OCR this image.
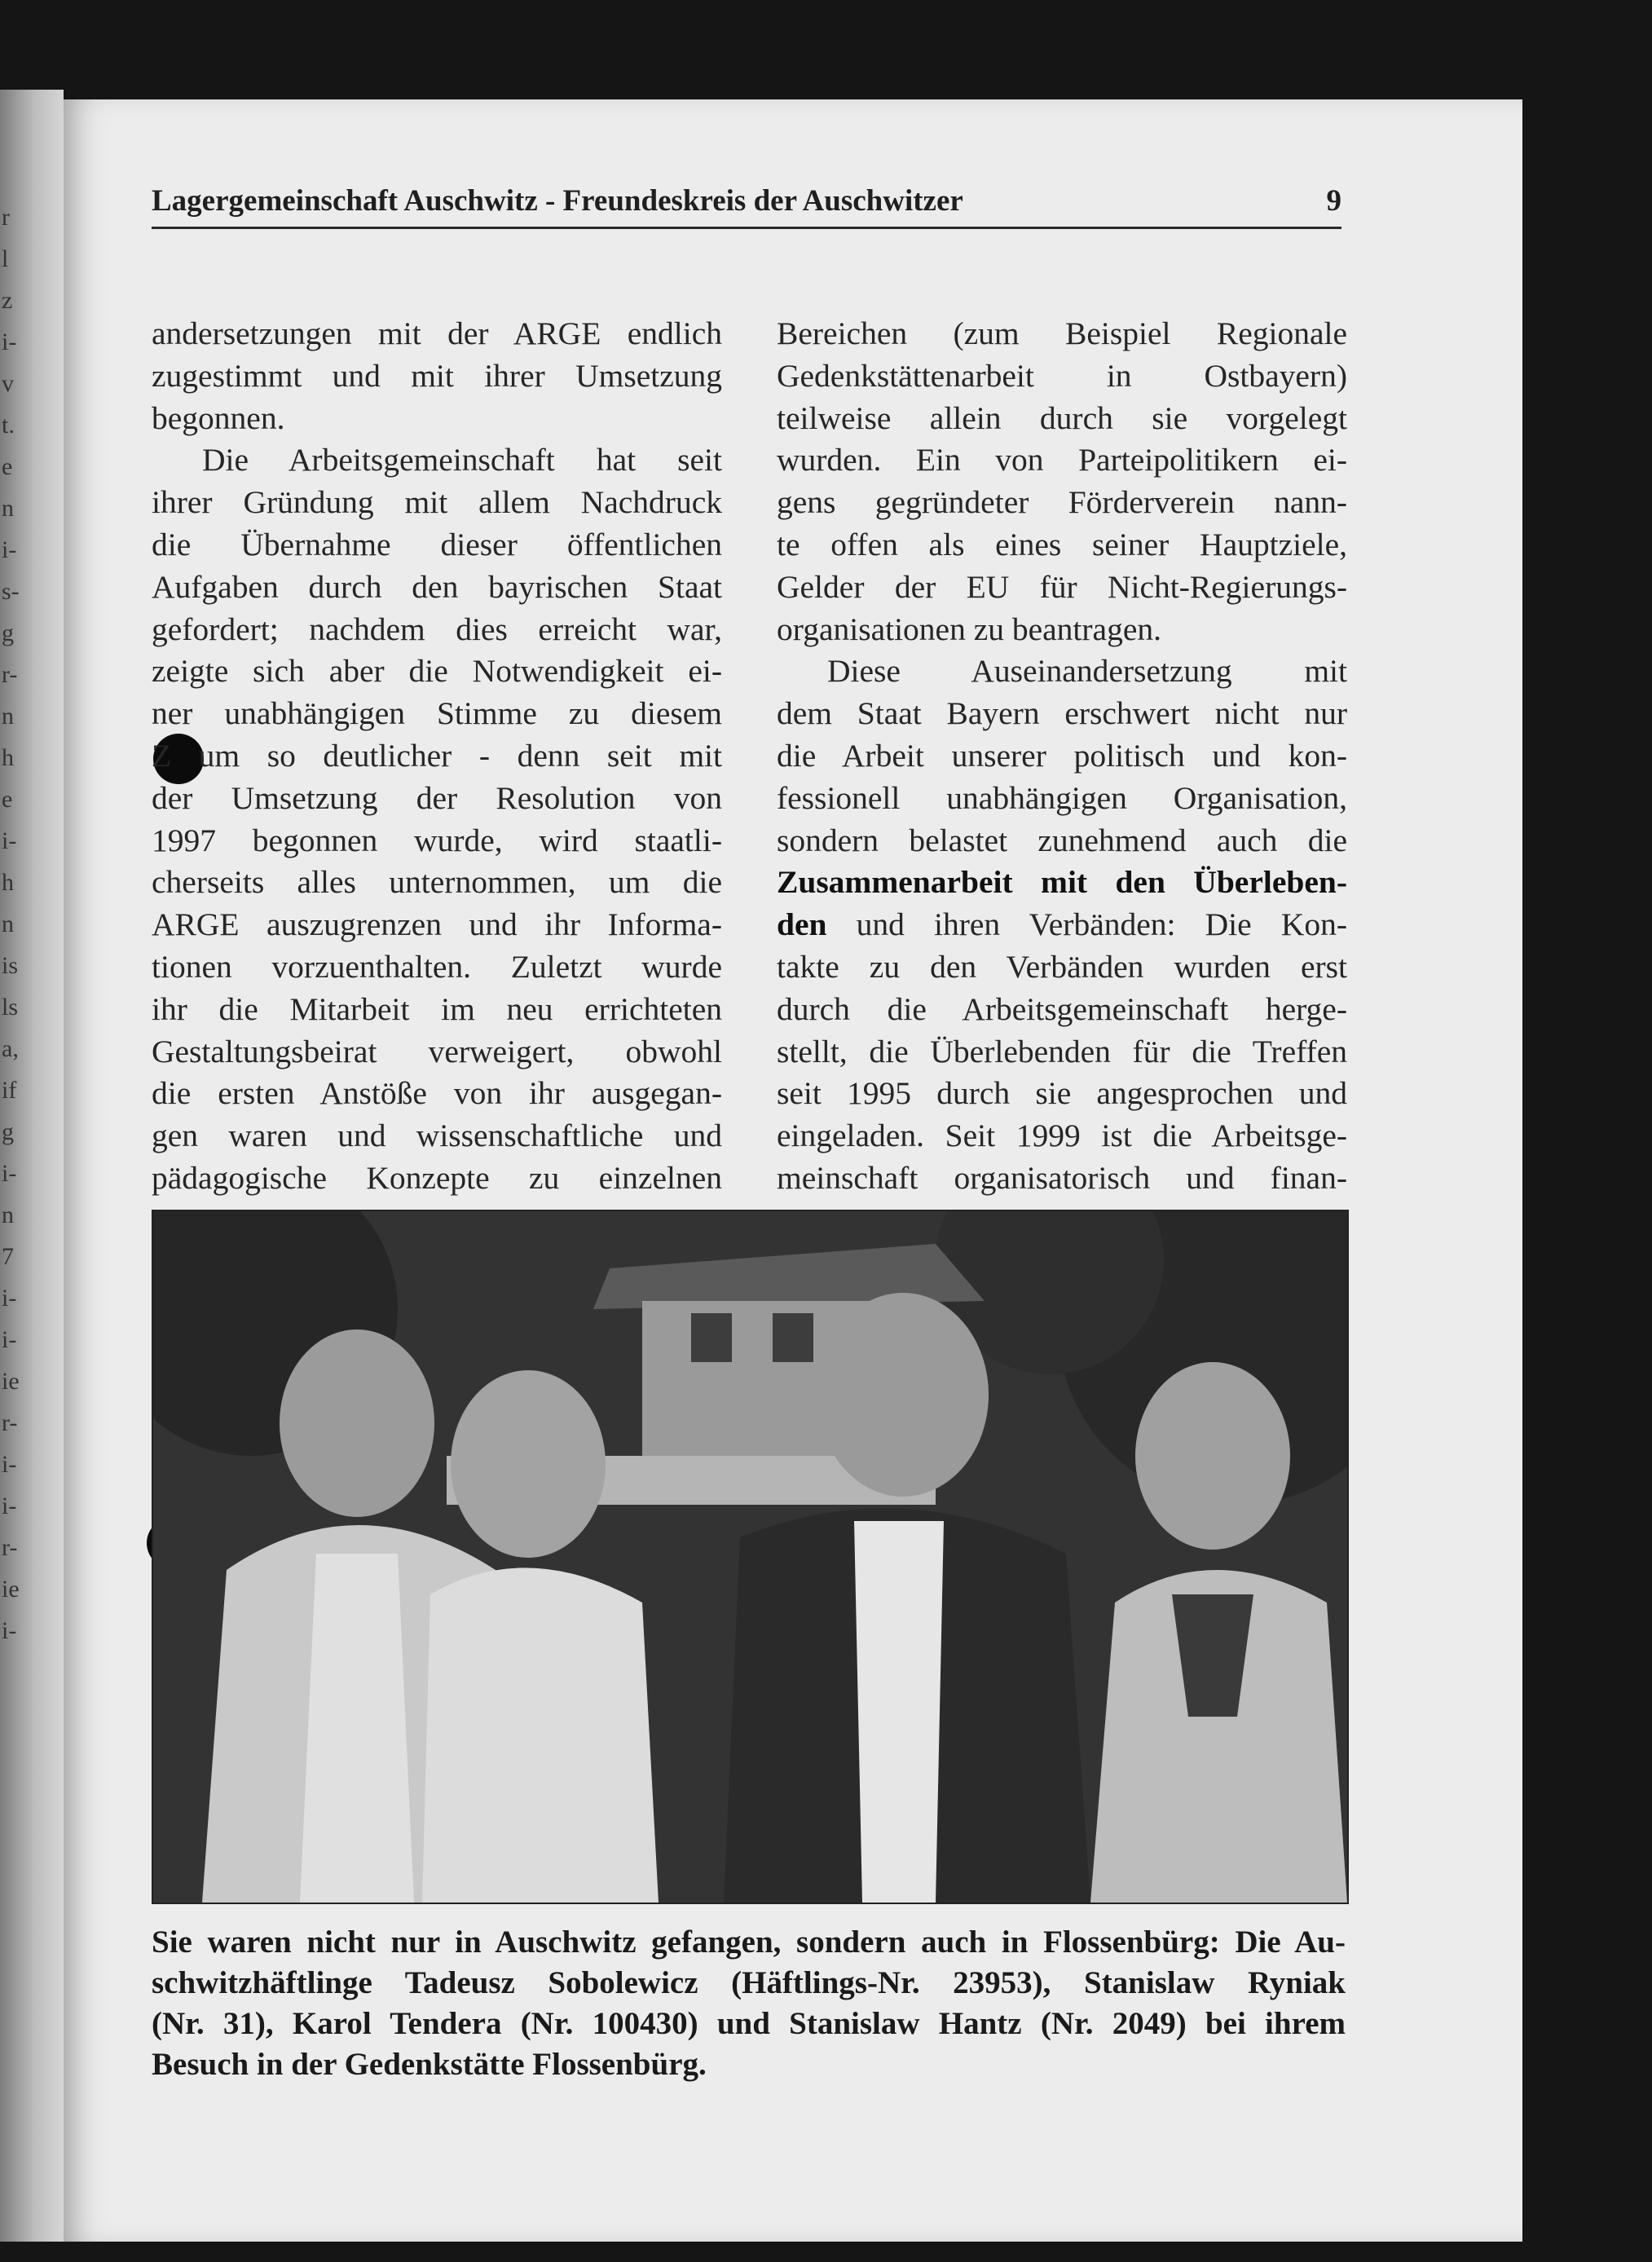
r
l
z
i-
v
t.
e
n
i-
s-
g
r-
n
h
e
i-
h
n
is
ls
a,
if
g
i-
n
7
i-
i-
ie
r-
i-
i-
r-
ie
i-
Lagergemeinschaft Auschwitz - Freundeskreis der Auschwitzer	9
andersetzungen mit der ARGE endlich
zugestimmt und mit ihrer Umsetzung
begonnen.
Die Arbeitsgemeinschaft hat seit
ihrer Gründung mit allem Nachdruck
die Übernahme dieser öffentlichen
Aufgaben durch den bayrischen Staat
gefordert; nachdem dies erreicht war,
zeigte sich aber die Notwendigkeit ei-
ner unabhängigen Stimme zu diesem
Z um so deutlicher - denn seit mit
der Umsetzung der Resolution von
1997 begonnen wurde, wird staatli-
cherseits alles unternommen, um die
ARGE auszugrenzen und ihr Informa-
tionen vorzuenthalten. Zuletzt wurde
ihr die Mitarbeit im neu errichteten
Gestaltungsbeirat verweigert, obwohl
die ersten Anstöße von ihr ausgegan-
gen waren und wissenschaftliche und
pädagogische Konzepte zu einzelnen
Bereichen (zum Beispiel Regionale
Gedenkstättenarbeit in Ostbayern)
teilweise allein durch sie vorgelegt
wurden. Ein von Parteipolitikern ei-
gens gegründeter Förderverein nann-
te offen als eines seiner Hauptziele,
Gelder der EU für Nicht-Regierungs-
organisationen zu beantragen.
Diese Auseinandersetzung mit
dem Staat Bayern erschwert nicht nur
die Arbeit unserer politisch und kon-
fessionell unabhängigen Organisation,
sondern belastet zunehmend auch die
Zusammenarbeit mit den Überleben-
den und ihren Verbänden: Die Kon-
takte zu den Verbänden wurden erst
durch die Arbeitsgemeinschaft herge-
stellt, die Überlebenden für die Treffen
seit 1995 durch sie angesprochen und
eingeladen. Seit 1999 ist die Arbeitsge-
meinschaft organisatorisch und finan-
Sie waren nicht nur in Auschwitz gefangen, sondern auch in Flossenbürg: Die Au-
schwitzhäftlinge Tadeusz Sobolewicz (Häftlings-Nr. 23953), Stanislaw Ryniak
(Nr. 31), Karol Tendera (Nr. 100430) und Stanislaw Hantz (Nr. 2049) bei ihrem
Besuch in der Gedenkstätte Flossenbürg.
